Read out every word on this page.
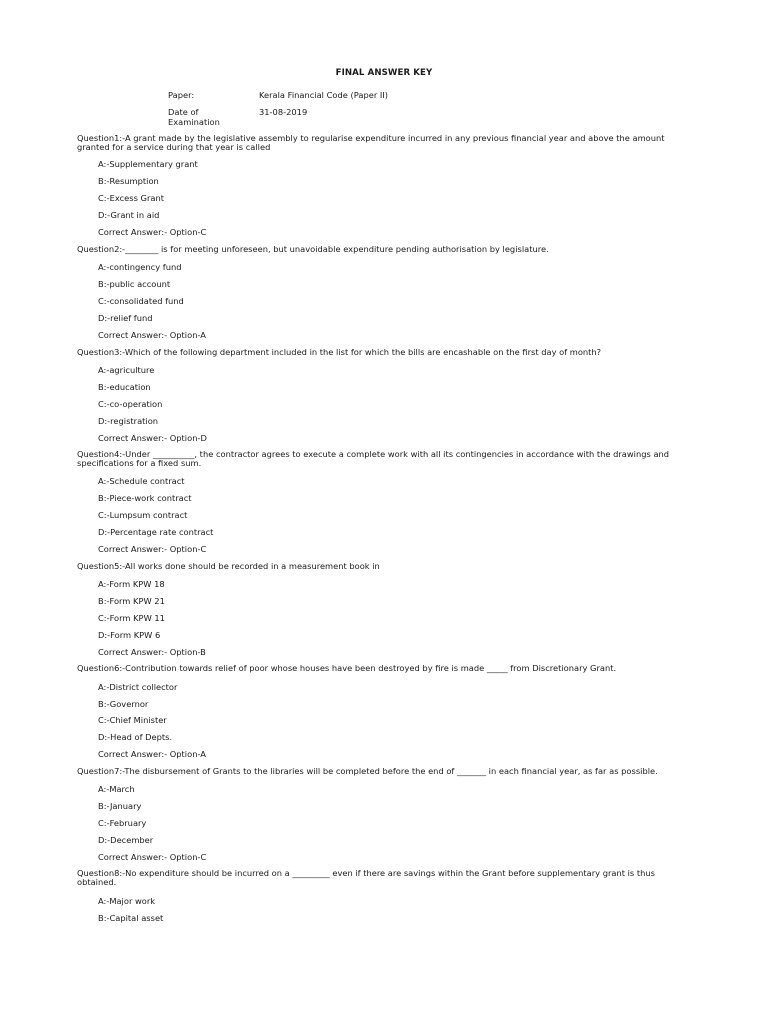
FINAL ANSWER KEY
Paper:	Kerala Financial Code (Paper II)
Date of Examination
31-08-2019
Question1:-A grant made by the legislative assembly to regularise expenditure incurred in any previous financial year and above the amount granted for a service during that year is called
A:-Supplementary grant
B:-Resumption
C:-Excess Grant
D:-Grant in aid
Correct Answer:- Option-C
Question2:-________ is for meeting unforeseen, but unavoidable expenditure pending authorisation by legislature.
A:-contingency fund
B:-public account
C:-consolidated fund
D:-relief fund
Correct Answer:- Option-A
Question3:-Which of the following department included in the list for which the bills are encashable on the first day of month?
A:-agriculture
B:-education
C:-co-operation
D:-registration
Correct Answer:- Option-D
Question4:-Under __________, the contractor agrees to execute a complete work with all its contingencies in accordance with the drawings and specifications for a fixed sum.
A:-Schedule contract
B:-Piece-work contract
C:-Lumpsum contract
D:-Percentage rate contract
Correct Answer:- Option-C
Question5:-All works done should be recorded in a measurement book in
A:-Form KPW 18
B:-Form KPW 21
C:-Form KPW 11
D:-Form KPW 6
Correct Answer:- Option-B
Question6:-Contribution towards relief of poor whose houses have been destroyed by fire is made _____ from Discretionary Grant.
A:-District collector
B:-Governor
C:-Chief Minister
D:-Head of Depts.
Correct Answer:- Option-A
Question7:-The disbursement of Grants to the libraries will be completed before the end of _______ in each financial year, as far as possible.
A:-March
B:-January
C:-February
D:-December
Correct Answer:- Option-C
Question8:-No expenditure should be incurred on a _________ even if there are savings within the Grant before supplementary grant is thus obtained.
A:-Major work
B:-Capital asset
